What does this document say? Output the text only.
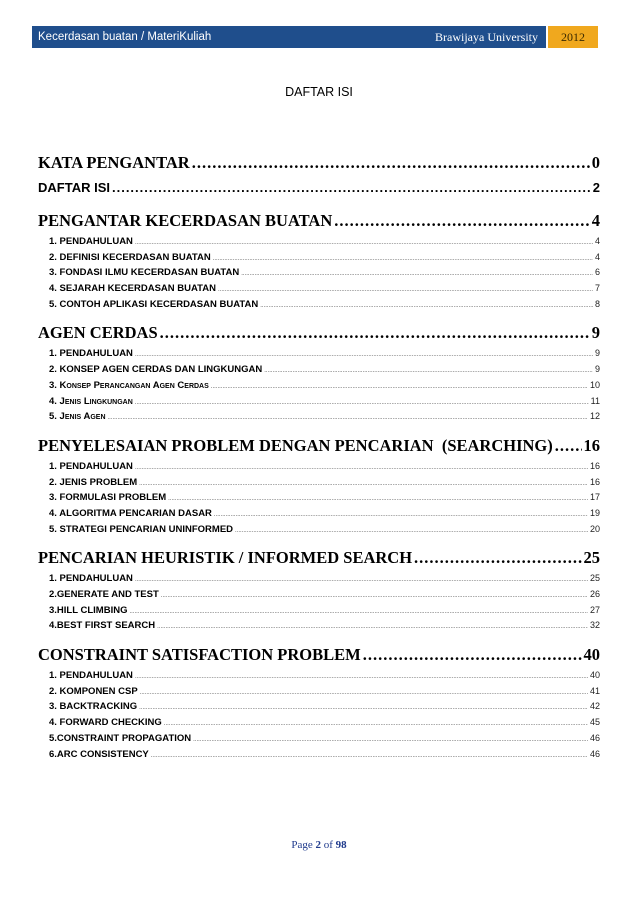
Kecerdasan buatan / MateriKuliah	Brawijaya University	2012
DAFTAR ISI
KATA PENGANTAR .....	0
DAFTAR ISI .....	2
PENGANTAR KECERDASAN BUATAN .....	4
1. PENDAHULUAN .....	4
2. DEFINISI KECERDASAN BUATAN .....	4
3. FONDASI ILMU KECERDASAN BUATAN .....	6
4. SEJARAH KECERDASAN BUATAN .....	7
5. CONTOH APLIKASI KECERDASAN BUATAN .....	8
AGEN CERDAS .....	9
1. PENDAHULUAN .....	9
2. KONSEP AGEN CERDAS DAN LINGKUNGAN .....	9
3. Konsep Perancangan Agen Cerdas .....	10
4. Jenis Lingkungan .....	11
5. Jenis Agen .....	12
PENYELESAIAN PROBLEM DENGAN PENCARIAN  (SEARCHING) ..... 16
1. PENDAHULUAN .....	16
2. JENIS PROBLEM .....	16
3. FORMULASI PROBLEM .....	17
4. ALGORITMA PENCARIAN DASAR .....	19
5. STRATEGI PENCARIAN UNINFORMED .....	20
PENCARIAN HEURISTIK / INFORMED SEARCH .....	25
1. PENDAHULUAN .....	25
2.GENERATE AND TEST .....	26
3.HILL CLIMBING .....	27
4.BEST FIRST SEARCH .....	32
CONSTRAINT SATISFACTION PROBLEM .....	40
1. PENDAHULUAN .....	40
2. KOMPONEN CSP .....	41
3. BACKTRACKING .....	42
4. FORWARD CHECKING .....	45
5.CONSTRAINT PROPAGATION .....	46
6.ARC CONSISTENCY .....	46
Page 2 of 98
